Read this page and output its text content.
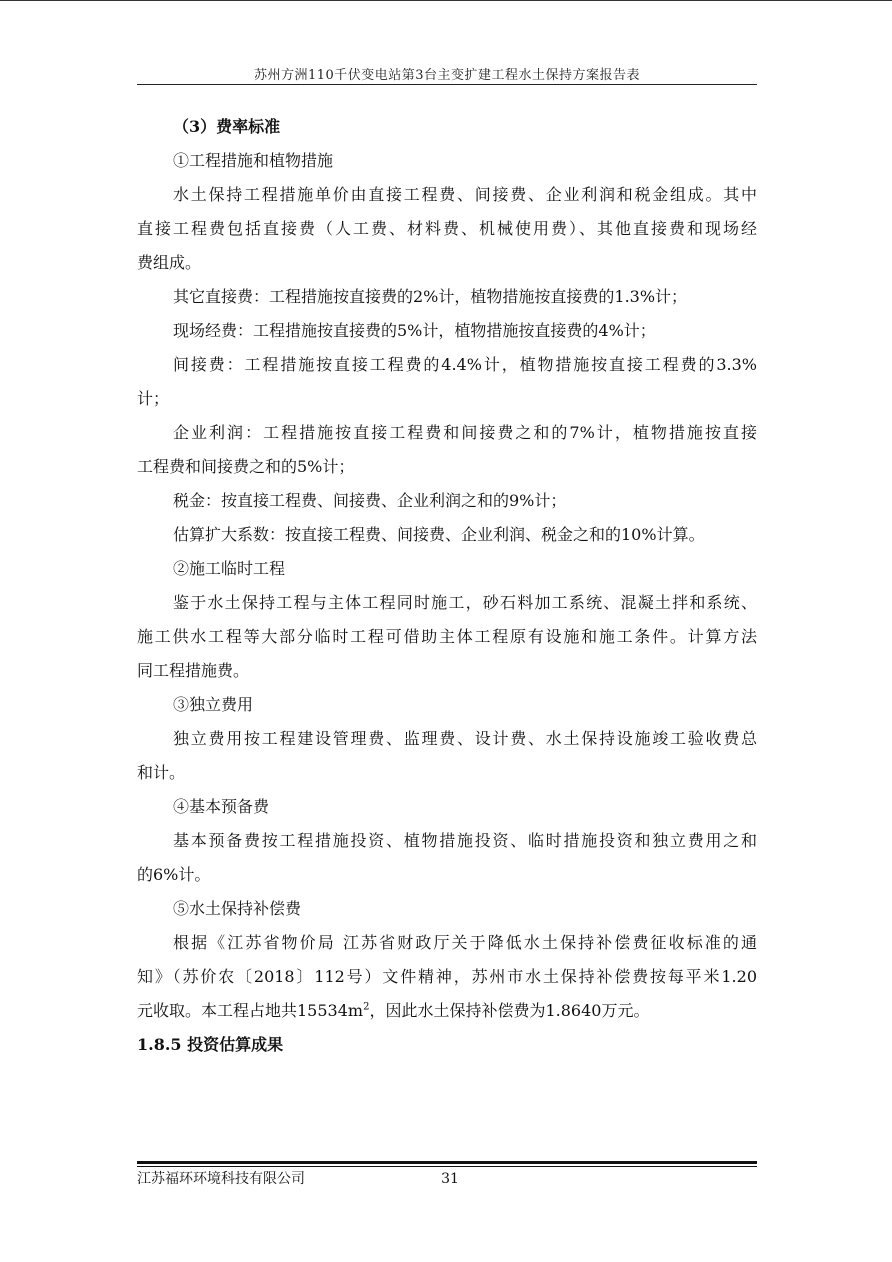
苏州方洲110千伏变电站第3台主变扩建工程水土保持方案报告表
（3）费率标准
①工程措施和植物措施
水土保持工程措施单价由直接工程费、间接费、企业利润和税金组成。其中
直接工程费包括直接费（人工费、材料费、机械使用费）、其他直接费和现场经
费组成。
其它直接费：工程措施按直接费的2%计，植物措施按直接费的1.3%计；
现场经费：工程措施按直接费的5%计，植物措施按直接费的4%计；
间接费：工程措施按直接工程费的4.4%计，植物措施按直接工程费的3.3%
计；
企业利润：工程措施按直接工程费和间接费之和的7%计，植物措施按直接
工程费和间接费之和的5%计；
税金：按直接工程费、间接费、企业利润之和的9%计；
估算扩大系数：按直接工程费、间接费、企业利润、税金之和的10%计算。
②施工临时工程
鉴于水土保持工程与主体工程同时施工，砂石料加工系统、混凝土拌和系统、
施工供水工程等大部分临时工程可借助主体工程原有设施和施工条件。计算方法
同工程措施费。
③独立费用
独立费用按工程建设管理费、监理费、设计费、水土保持设施竣工验收费总
和计。
④基本预备费
基本预备费按工程措施投资、植物措施投资、临时措施投资和独立费用之和
的6%计。
⑤水土保持补偿费
根据《江苏省物价局 江苏省财政厅关于降低水土保持补偿费征收标准的通
知》（苏价农〔2018〕112号）文件精神，苏州市水土保持补偿费按每平米1.20
元收取。本工程占地共$15534m^2$，因此水土保持补偿费为1.8640万元。
1.8.5 投资估算成果
江苏福环环境科技有限公司	31
